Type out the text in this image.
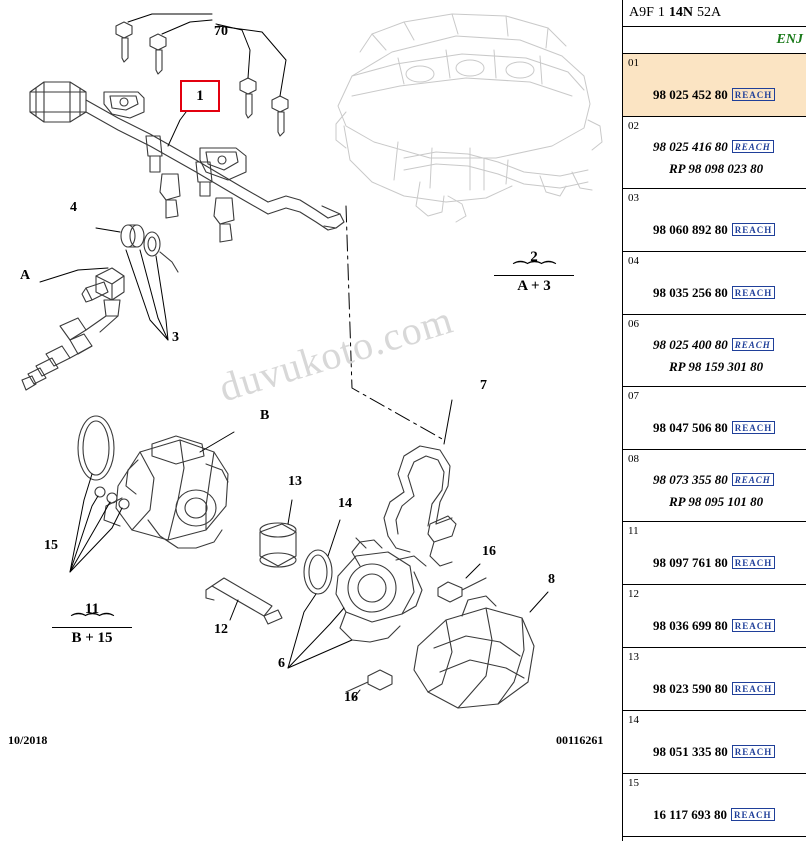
duvukoto.com
70
1
4
A
3
B
13
14
15
12
6
16
16
8
7
2
⌒⌒⌒
A + 3
11
⌒⌒⌒
B + 15
10/2018	00116261
A9F 1 14N 52A
ENJ
01
98 025 452 80 REACH
02
98 025 416 80 REACH
RP 98 098 023 80
03
98 060 892 80 REACH
04
98 035 256 80 REACH
06
98 025 400 80 REACH
RP 98 159 301 80
07
98 047 506 80 REACH
08
98 073 355 80 REACH
RP 98 095 101 80
11
98 097 761 80 REACH
12
98 036 699 80 REACH
13
98 023 590 80 REACH
14
98 051 335 80 REACH
15
16 117 693 80 REACH
